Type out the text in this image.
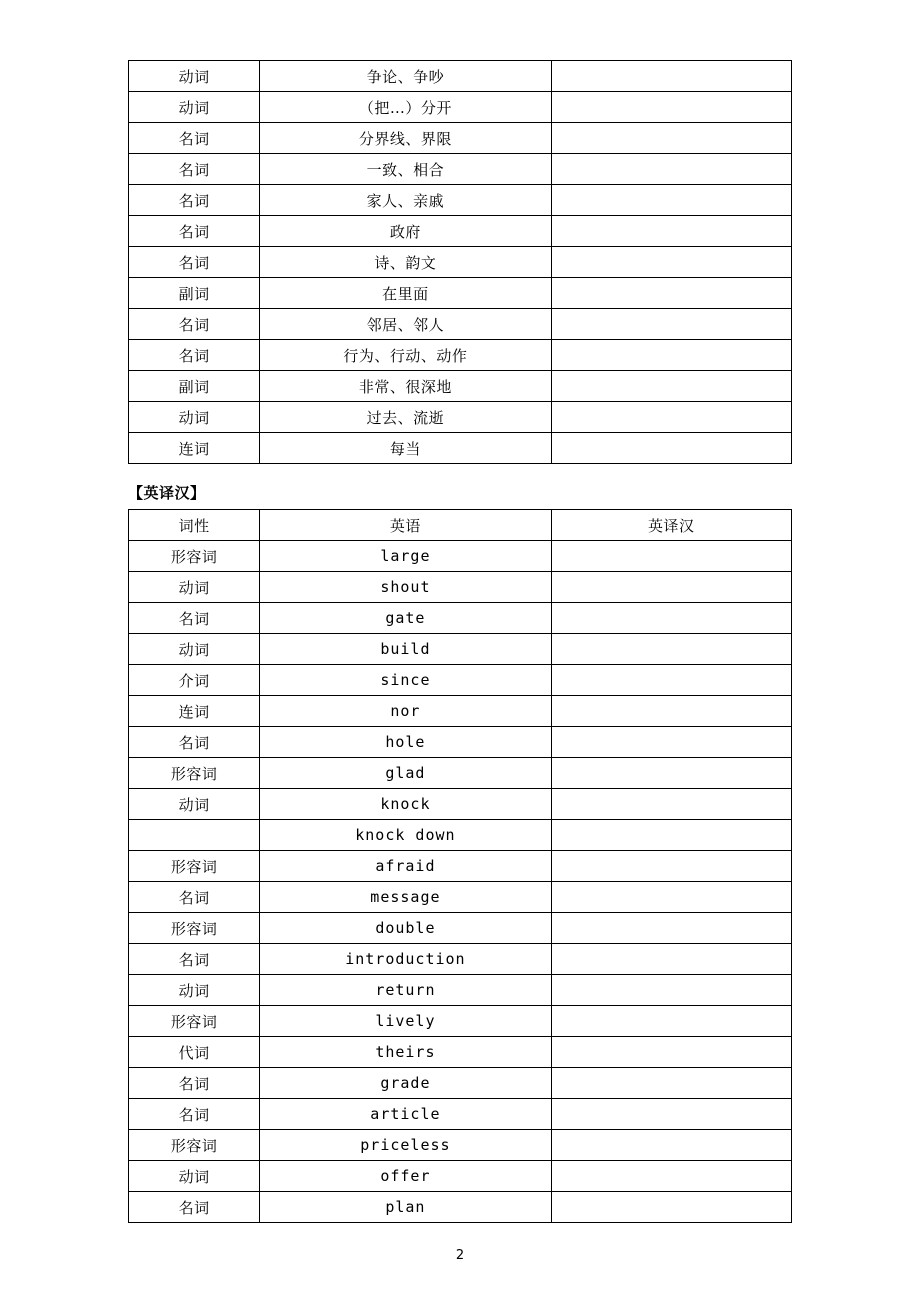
动词	争论、争吵	
动词	（把…）分开	
名词	分界线、界限	
名词	一致、相合	
名词	家人、亲戚	
名词	政府	
名词	诗、韵文	
副词	在里面	
名词	邻居、邻人	
名词	行为、行动、动作	
副词	非常、很深地	
动词	过去、流逝	
连词	每当	
【英译汉】
词性	英语	英译汉
形容词	large	
动词	shout	
名词	gate	
动词	build	
介词	since	
连词	nor	
名词	hole	
形容词	glad	
动词	knock	
	knock down	
形容词	afraid	
名词	message	
形容词	double	
名词	introduction	
动词	return	
形容词	lively	
代词	theirs	
名词	grade	
名词	article	
形容词	priceless	
动词	offer	
名词	plan	
2
